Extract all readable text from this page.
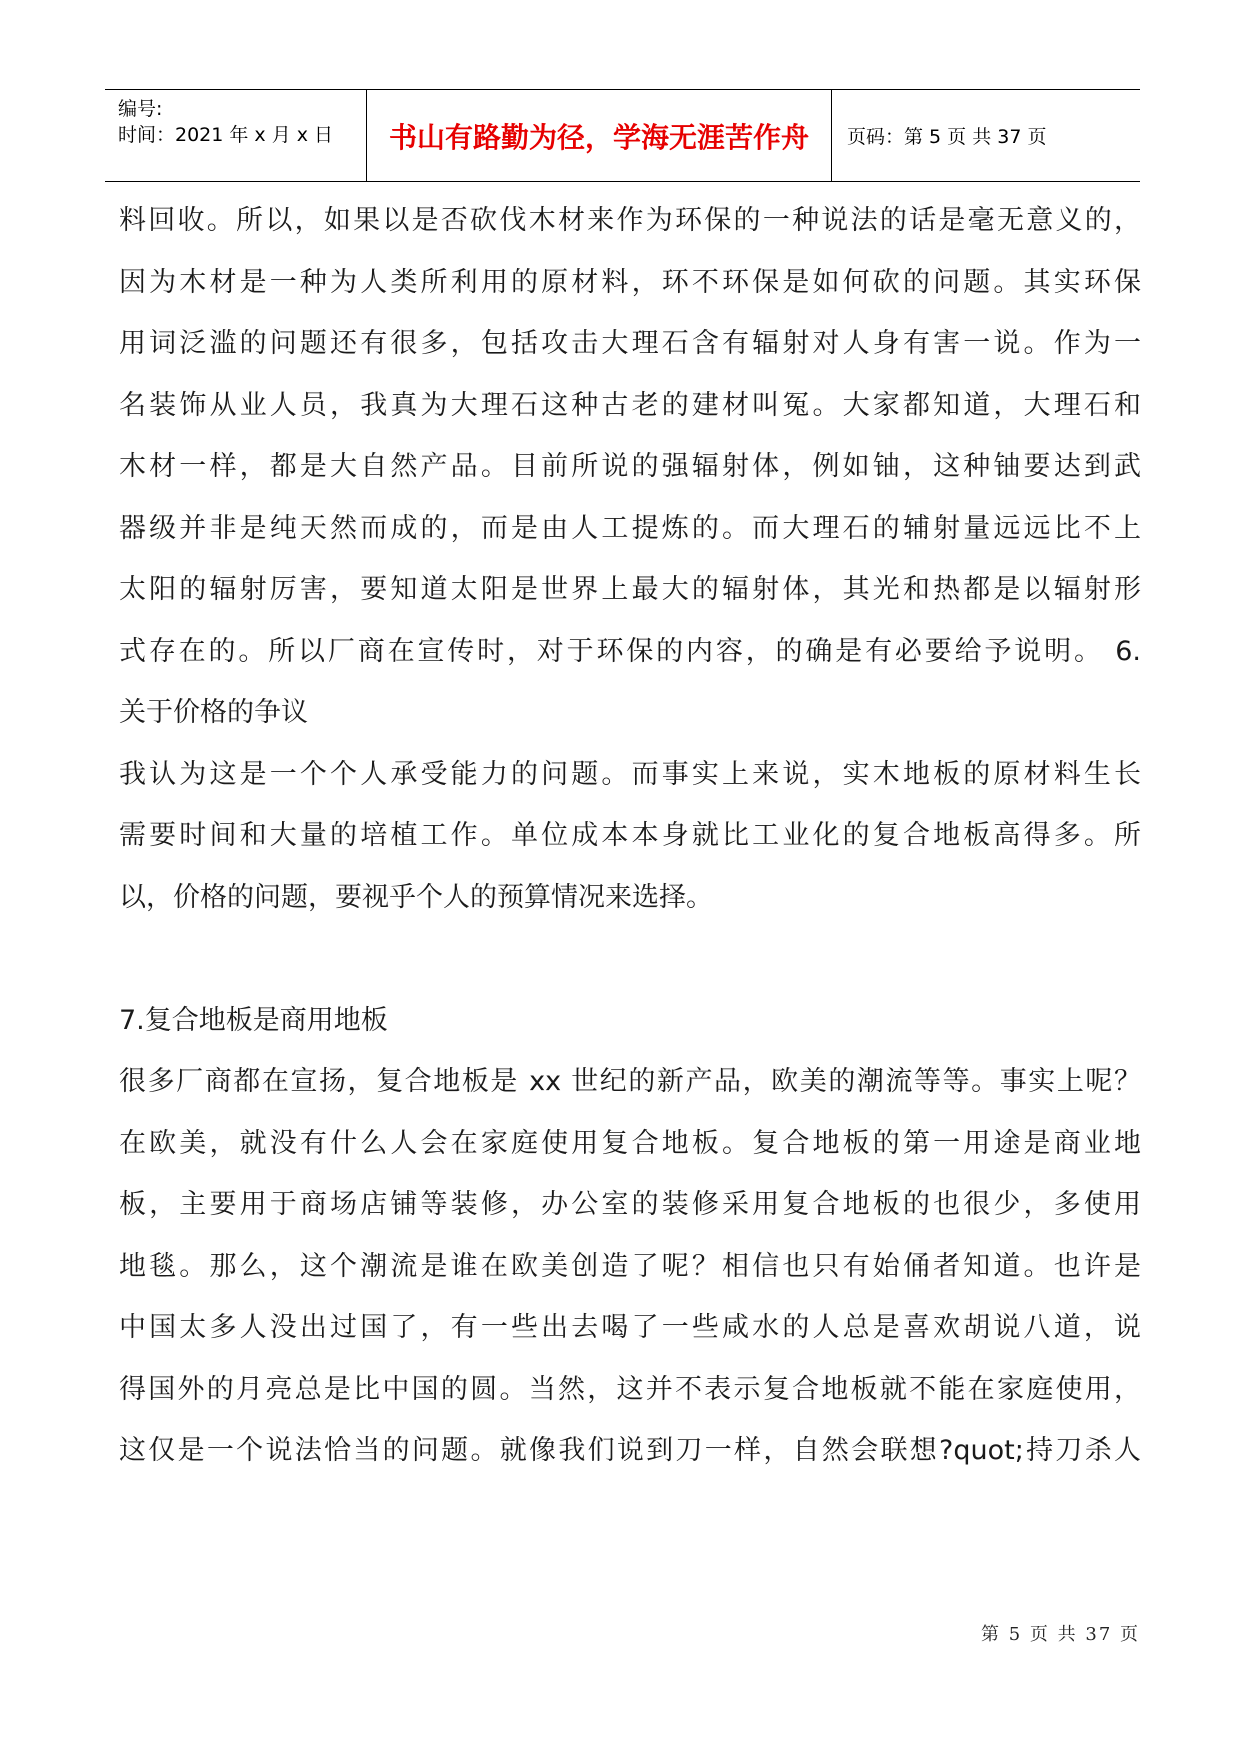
编号:
时间：2021 年 x 月 x 日	书山有路勤为径，学海无涯苦作舟 页码：第 5 页 共 37 页
料回收。所以，如果以是否砍伐木材来作为环保的一种说法的话是毫无意义的，
因为木材是一种为人类所利用的原材料，环不环保是如何砍的问题。其实环保
用词泛滥的问题还有很多，包括攻击大理石含有辐射对人身有害一说。作为一
名装饰从业人员，我真为大理石这种古老的建材叫冤。大家都知道，大理石和
木材一样，都是大自然产品。目前所说的强辐射体，例如铀，这种铀要达到武
器级并非是纯天然而成的，而是由人工提炼的。而大理石的辅射量远远比不上
太阳的辐射厉害，要知道太阳是世界上最大的辐射体，其光和热都是以辐射形
式存在的。所以厂商在宣传时，对于环保的内容，的确是有必要给予说明。 6.
关于价格的争议
我认为这是一个个人承受能力的问题。而事实上来说，实木地板的原材料生长
需要时间和大量的培植工作。单位成本本身就比工业化的复合地板高得多。所
以，价格的问题，要视乎个人的预算情况来选择。
7.复合地板是商用地板
很多厂商都在宣扬，复合地板是 xx 世纪的新产品，欧美的潮流等等。事实上呢？
在欧美，就没有什么人会在家庭使用复合地板。复合地板的第一用途是商业地
板，主要用于商场店铺等装修，办公室的装修采用复合地板的也很少，多使用
地毯。那么，这个潮流是谁在欧美创造了呢？相信也只有始俑者知道。也许是
中国太多人没出过国了，有一些出去喝了一些咸水的人总是喜欢胡说八道，说
得国外的月亮总是比中国的圆。当然，这并不表示复合地板就不能在家庭使用，
这仅是一个说法恰当的问题。就像我们说到刀一样，自然会联想?quot;持刀杀人
第 5 页 共 37 页
